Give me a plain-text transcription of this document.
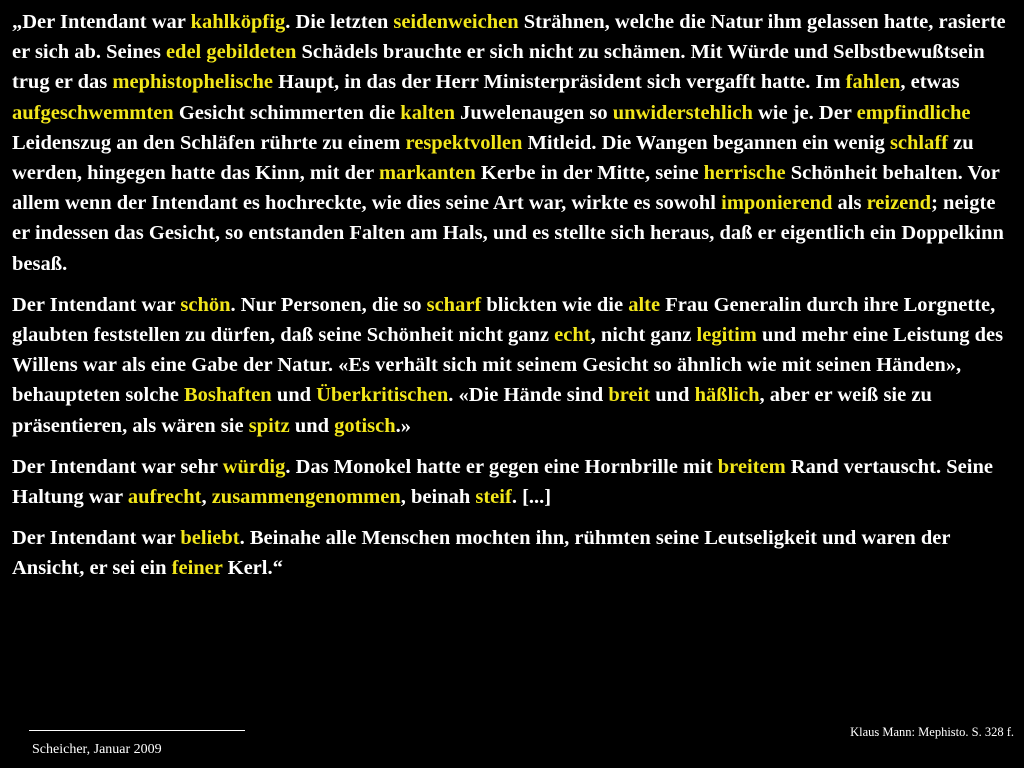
„Der Intendant war kahlköpfig. Die letzten seidenweichen Strähnen, welche die Natur ihm gelassen hatte, rasierte er sich ab. Seines edel gebildeten Schädels brauchte er sich nicht zu schämen. Mit Würde und Selbstbewußtsein trug er das mephistophelische Haupt, in das der Herr Ministerpräsident sich vergafft hatte. Im fahlen, etwas aufgeschwemmten Gesicht schimmerten die kalten Juwelenaugen so unwiderstehlich wie je. Der empfindliche Leidenszug an den Schläfen rührte zu einem respektvollen Mitleid. Die Wangen begannen ein wenig schlaff zu werden, hingegen hatte das Kinn, mit der markanten Kerbe in der Mitte, seine herrische Schönheit behalten. Vor allem wenn der Intendant es hochreckte, wie dies seine Art war, wirkte es sowohl imponierend als reizend; neigte er indessen das Gesicht, so entstanden Falten am Hals, und es stellte sich heraus, daß er eigentlich ein Doppelkinn besaß.

Der Intendant war schön. Nur Personen, die so scharf blickten wie die alte Frau Generalin durch ihre Lorgnette, glaubten feststellen zu dürfen, daß seine Schönheit nicht ganz echt, nicht ganz legitim und mehr eine Leistung des Willens war als eine Gabe der Natur. «Es verhält sich mit seinem Gesicht so ähnlich wie mit seinen Händen», behaupteten solche Boshaften und Überkritischen. «Die Hände sind breit und häßlich, aber er weiß sie zu präsentieren, als wären sie spitz und gotisch.»

Der Intendant war sehr würdig. Das Monokel hatte er gegen eine Hornbrille mit breitem Rand vertauscht. Seine Haltung war aufrecht, zusammengenommen, beinah steif. [...]

Der Intendant war beliebt. Beinahe alle Menschen mochten ihn, rühmten seine Leutseligkeit und waren der Ansicht, er sei ein feiner Kerl.“

Scheicher, Januar 2009
Klaus Mann: Mephisto. S. 328 f.
